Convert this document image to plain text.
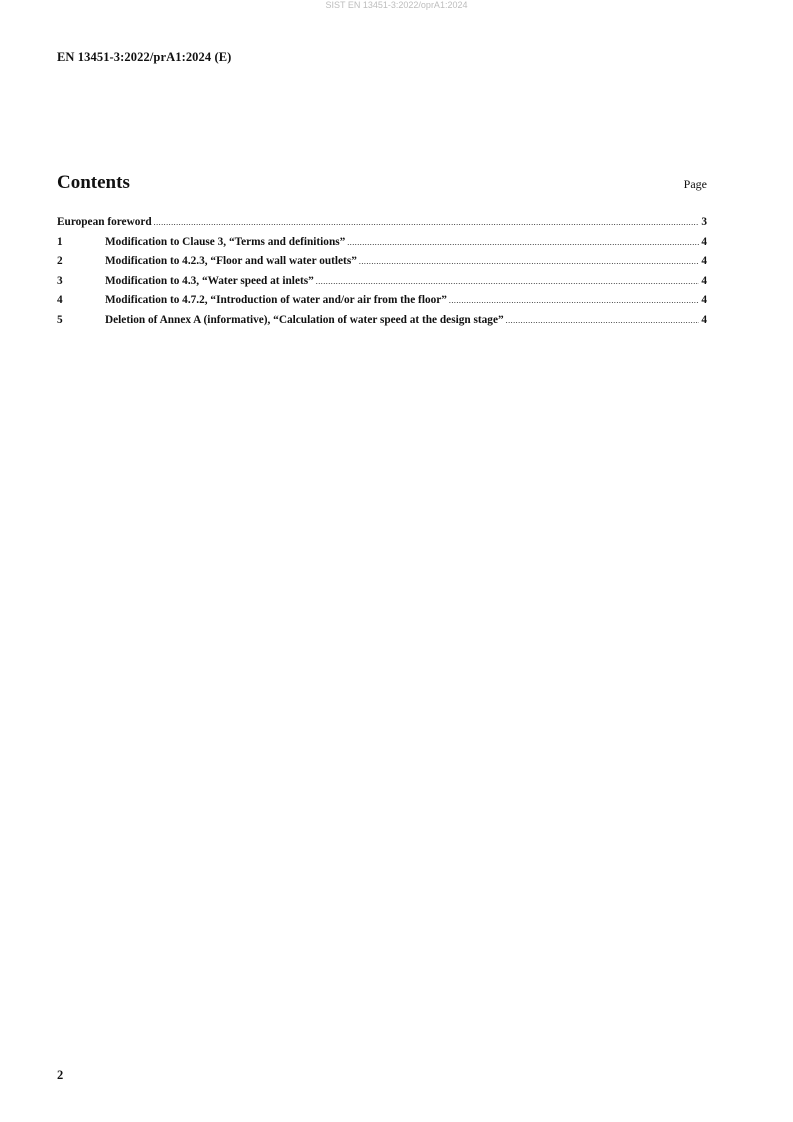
SIST EN 13451-3:2022/oprA1:2024
EN 13451-3:2022/prA1:2024 (E)
Contents	Page
European foreword .....	3
1	Modification to Clause 3, “Terms and definitions” .....	4
2	Modification to 4.2.3, “Floor and wall water outlets” .....	4
3	Modification to 4.3, “Water speed at inlets” .....	4
4	Modification to 4.7.2, “Introduction of water and/or air from the floor” .....	4
5	Deletion of Annex A (informative), “Calculation of water speed at the design stage” .....	4
2
